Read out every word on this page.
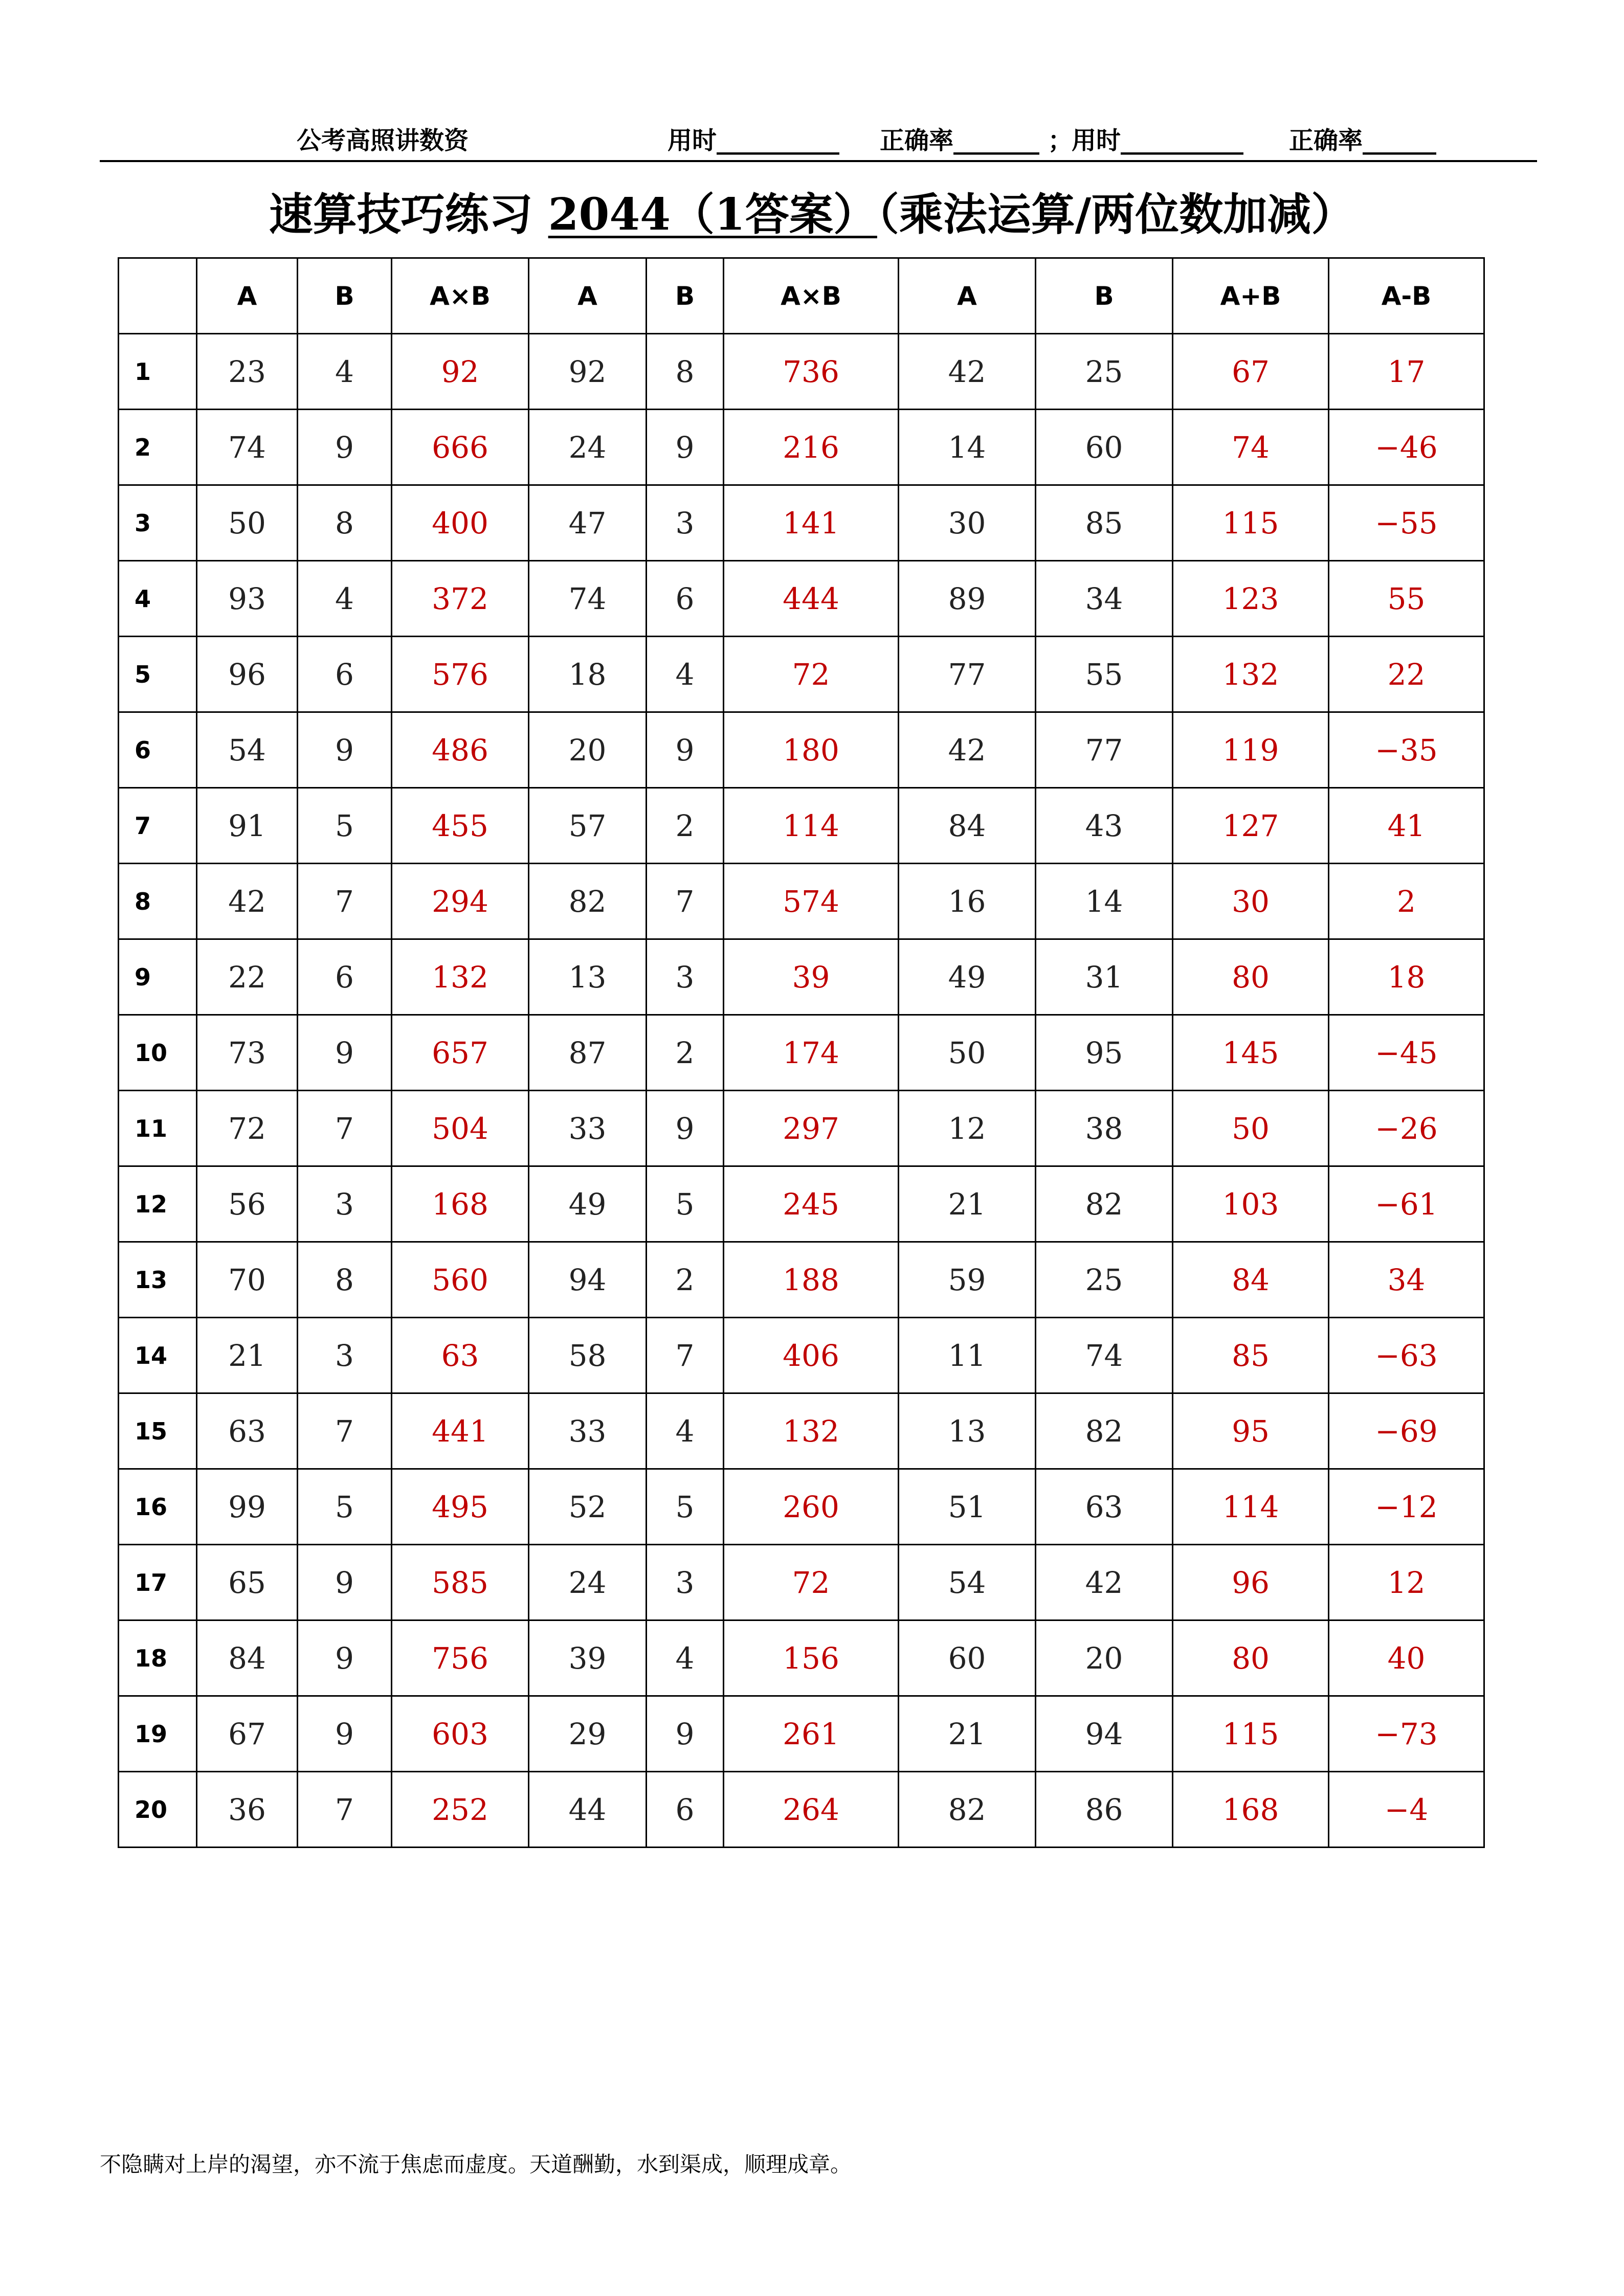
公考高照讲数资	用时__________ 正确率_______ ；
用时__________ 正确率______
速算技巧练习 2044（1答案）（乘法运算/两位数加减）
	A	B	A×B	A	B	A×B	A	B	A+B	A-B
1	23	4	92	92	8	736	42	25	67	17
2	74	9	666	24	9	216	14	60	74	−46
3	50	8	400	47	3	141	30	85	115	−55
4	93	4	372	74	6	444	89	34	123	55
5	96	6	576	18	4	72	77	55	132	22
6	54	9	486	20	9	180	42	77	119	−35
7	91	5	455	57	2	114	84	43	127	41
8	42	7	294	82	7	574	16	14	30	2
9	22	6	132	13	3	39	49	31	80	18
10	73	9	657	87	2	174	50	95	145	−45
11	72	7	504	33	9	297	12	38	50	−26
12	56	3	168	49	5	245	21	82	103	−61
13	70	8	560	94	2	188	59	25	84	34
14	21	3	63	58	7	406	11	74	85	−63
15	63	7	441	33	4	132	13	82	95	−69
16	99	5	495	52	5	260	51	63	114	−12
17	65	9	585	24	3	72	54	42	96	12
18	84	9	756	39	4	156	60	20	80	40
19	67	9	603	29	9	261	21	94	115	−73
20	36	7	252	44	6	264	82	86	168	−4
不隐瞒对上岸的渴望，亦不流于焦虑而虚度。天道酬勤，水到渠成，顺理成章。
